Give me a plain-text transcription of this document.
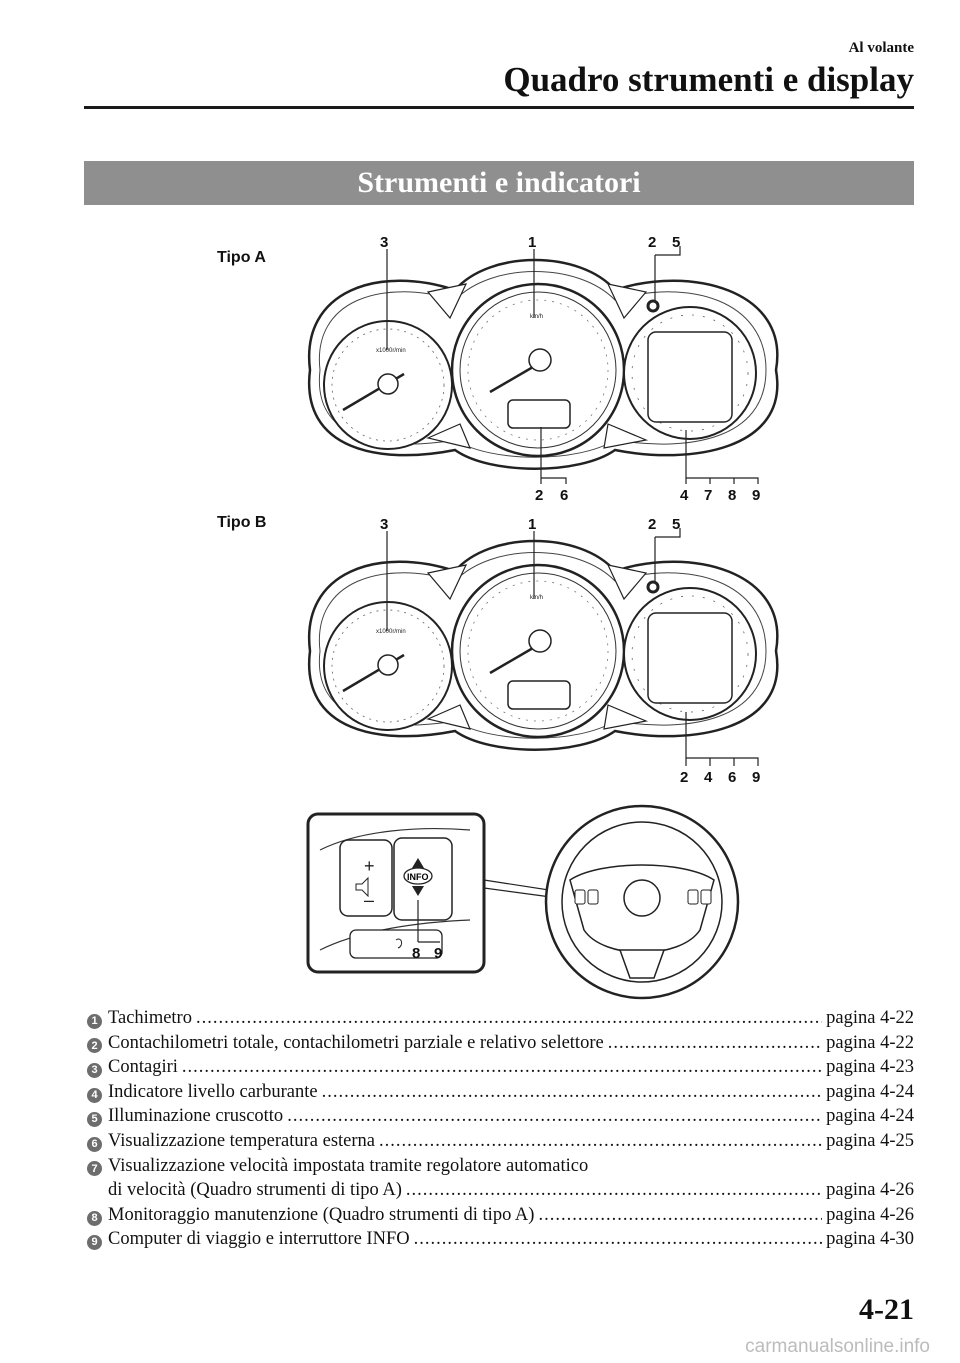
Al volante
Quadro strumenti e display
Strumenti e indicatori
Tipo A
Tipo B
3	1	2 5
2 6	4 7 8 9
3	1	2 5
2 4 6 9
+
–
INFO
8 9
1 Tachimetro .....	pagina 4-22
2 Contachilometri totale, contachilometri parziale e relativo selettore .....	pagina 4-22
3 Contagiri .....	pagina 4-23
4 Indicatore livello carburante .....	pagina 4-24
5 Illuminazione cruscotto .....	pagina 4-24
6 Visualizzazione temperatura esterna .....	pagina 4-25
7 Visualizzazione velocità impostata tramite regolatore automatico
di velocità (Quadro strumenti di tipo A) .....	pagina 4-26
8 Monitoraggio manutenzione (Quadro strumenti di tipo A) .....	pagina 4-26
9 Computer di viaggio e interruttore INFO .....	pagina 4-30
4-21
carmanualsonline.info
